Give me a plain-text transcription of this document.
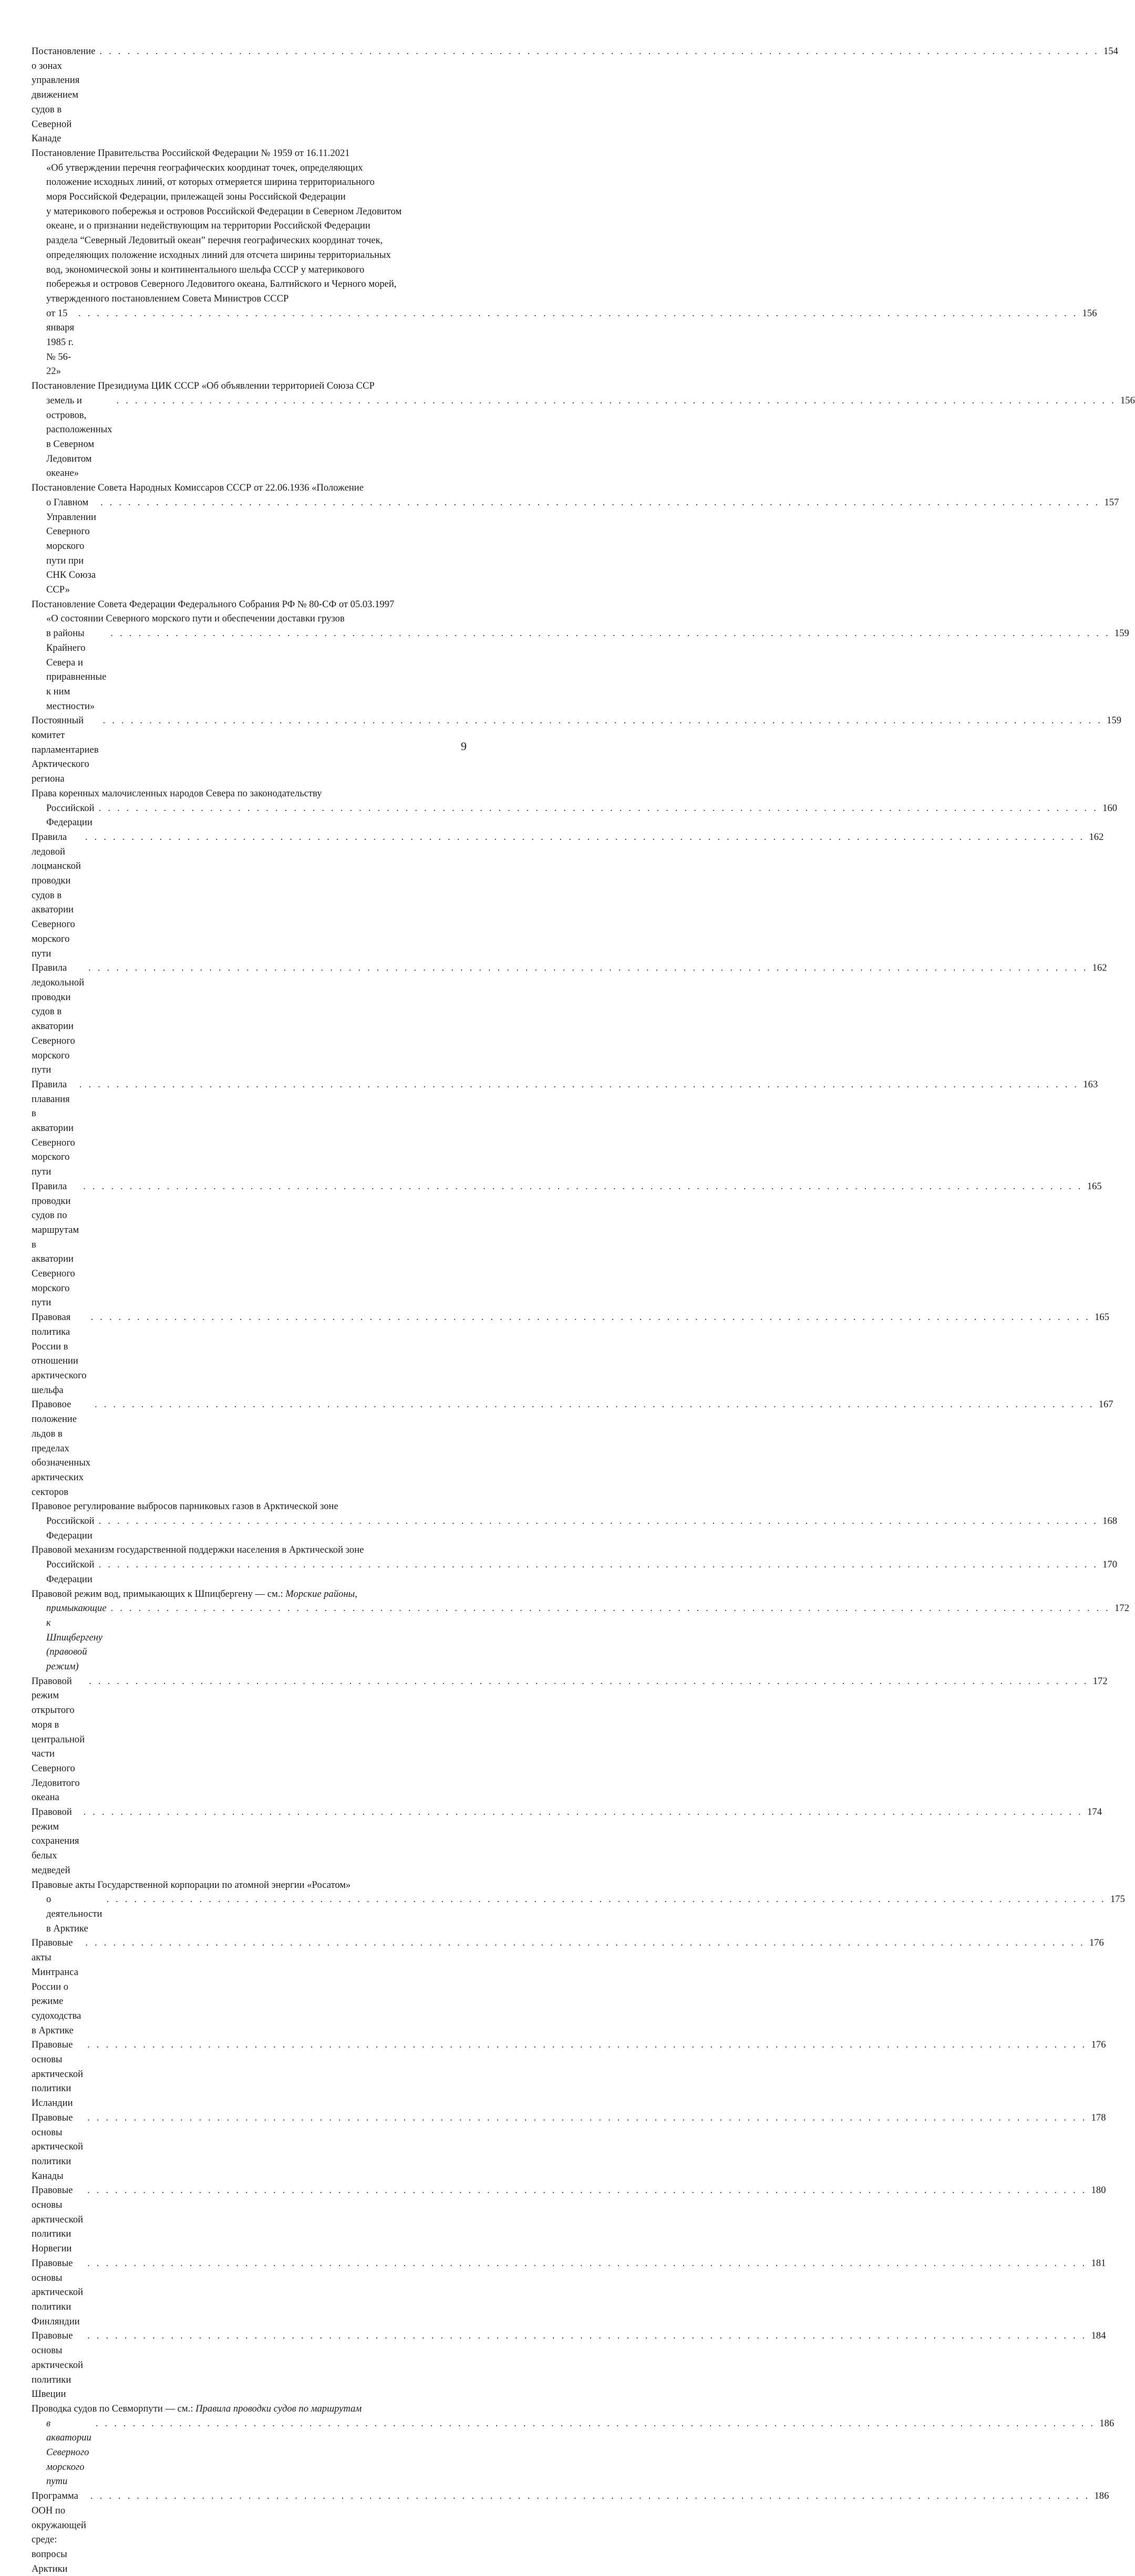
Постановление о зонах управления движением судов в Северной Канаде
. . .
154
Постановление Правительства Российской Федерации № 1959 от 16.11.2021
«Об утверждении перечня географических координат точек, определяющих
положение исходных линий, от которых отмеряется ширина территориального
моря Российской Федерации, прилежащей зоны Российской Федерации
у материкового побережья и островов Российской Федерации в Северном Ледовитом
океане, и о признании недействующим на территории Российской Федерации
раздела “Северный Ледовитый океан” перечня географических координат точек,
определяющих положение исходных линий для отсчета ширины территориальных
вод, экономической зоны и континентального шельфа СССР у материкового
побережья и островов Северного Ледовитого океана, Балтийского и Черного морей,
утвержденного постановлением Совета Министров СССР
от 15 января 1985 г. № 56-22»
. . .
156
Постановление Президиума ЦИК СССР «Об объявлении территорией Союза ССР
земель и островов, расположенных в Северном Ледовитом океане»
. . .
156
Постановление Совета Народных Комиссаров СССР от 22.06.1936 «Положение
о Главном Управлении Северного морского пути при СНК Союза ССР»
. . .
157
Постановление Совета Федерации Федерального Собрания РФ № 80-СФ от 05.03.1997
«О состоянии Северного морского пути и обеспечении доставки грузов
в районы Крайнего Севера и приравненные к ним местности»
. . .
159
Постоянный комитет парламентариев Арктического региона
. . .
159
Права коренных малочисленных народов Севера по законодательству
Российской Федерации
. . .
160
Правила ледовой лоцманской проводки судов в акватории Северного морского пути
. . .
162
Правила ледокольной проводки судов в акватории Северного морского пути
. . .
162
Правила плавания в акватории Северного морского пути
. . .
163
Правила проводки судов по маршрутам в акватории Северного морского пути
. . .
165
Правовая политика России в отношении арктического шельфа
. . .
165
Правовое положение льдов в пределах обозначенных арктических секторов
. . .
167
Правовое регулирование выбросов парниковых газов в Арктической зоне
Российской Федерации
. . .
168
Правовой механизм государственной поддержки населения в Арктической зоне
Российской Федерации
. . .
170
Правовой режим вод, примыкающих к Шпицбергену — см.: Морские районы,
примыкающие к Шпицбергену (правовой режим)
. . .
172
Правовой режим открытого моря в центральной части Северного Ледовитого океана
. . .
172
Правовой режим сохранения белых медведей
. . .
174
Правовые акты Государственной корпорации по атомной энергии «Росатом»
о деятельности в Арктике
. . .
175
Правовые акты Минтранса России о режиме судоходства в Арктике
. . .
176
Правовые основы арктической политики Исландии
. . .
176
Правовые основы арктической политики Канады
. . .
178
Правовые основы арктической политики Норвегии
. . .
180
Правовые основы арктической политики Финляндии
. . .
181
Правовые основы арктической политики Швеции
. . .
184
Проводка судов по Севморпути — см.: Правила проводки судов по маршрутам
в акватории Северного морского пути
. . .
186
Программа ООН по окружающей среде: вопросы Арктики
. . .
186
9
